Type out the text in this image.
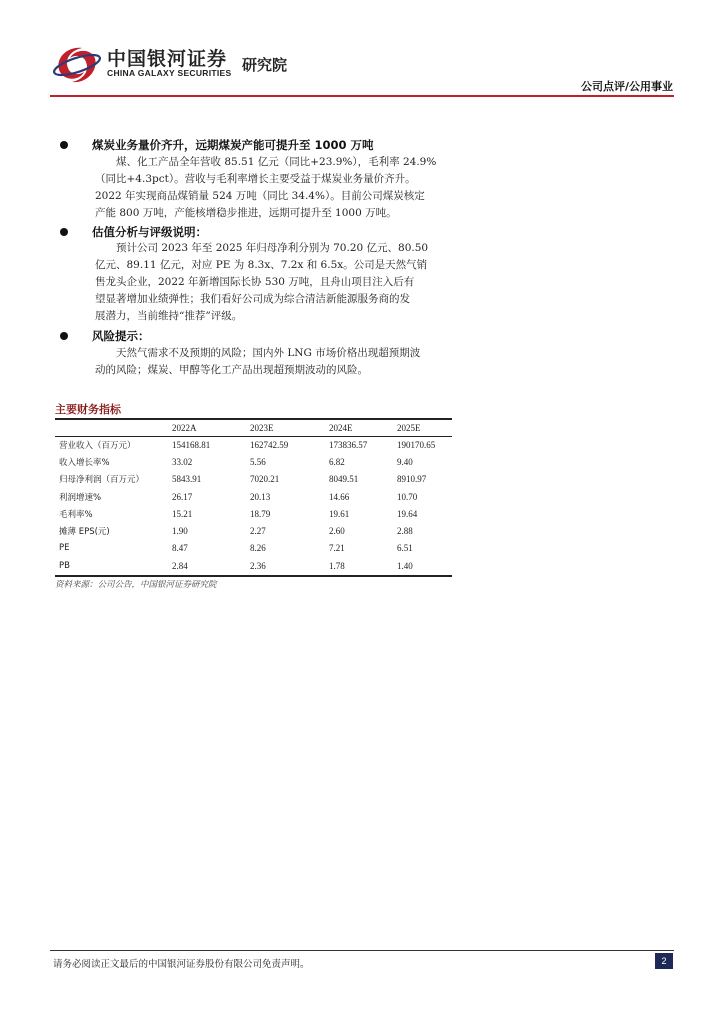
中国银河证券
CHINA GALAXY SECURITIES 研究院
公司点评/公用事业
煤炭业务量价齐升，远期煤炭产能可提升至 1000 万吨
煤、化工产品全年营收 85.51 亿元（同比+23.9%），毛利率 24.9%
（同比+4.3pct）。营收与毛利率增长主要受益于煤炭业务量价齐升。
2022 年实现商品煤销量 524 万吨（同比 34.4%）。目前公司煤炭核定
产能 800 万吨，产能核增稳步推进，远期可提升至 1000 万吨。
估值分析与评级说明：
预计公司 2023 年至 2025 年归母净利分别为 70.20 亿元、80.50
亿元、89.11 亿元，对应 PE 为 8.3x、7.2x 和 6.5x。公司是天然气销
售龙头企业，2022 年新增国际长协 530 万吨，且舟山项目注入后有
望显著增加业绩弹性；我们看好公司成为综合清洁新能源服务商的发
展潜力，当前维持“推荐”评级。
风险提示：
天然气需求不及预期的风险；国内外 LNG 市场价格出现超预期波
动的风险；煤炭、甲醇等化工产品出现超预期波动的风险。
主要财务指标
	2022A	2023E	2024E	2025E
营业收入（百万元）	154168.81	162742.59	173836.57	190170.65
收入增长率%	33.02	5.56	6.82	9.40
归母净利润（百万元）	5843.91	7020.21	8049.51	8910.97
利润增速%	26.17	20.13	14.66	10.70
毛利率%	15.21	18.79	19.61	19.64
摊薄 EPS(元)	1.90	2.27	2.60	2.88
PE	8.47	8.26	7.21	6.51
PB	2.84	2.36	1.78	1.40
资料来源：公司公告，中国银河证券研究院
请务必阅读正文最后的中国银河证券股份有限公司免责声明。	2
